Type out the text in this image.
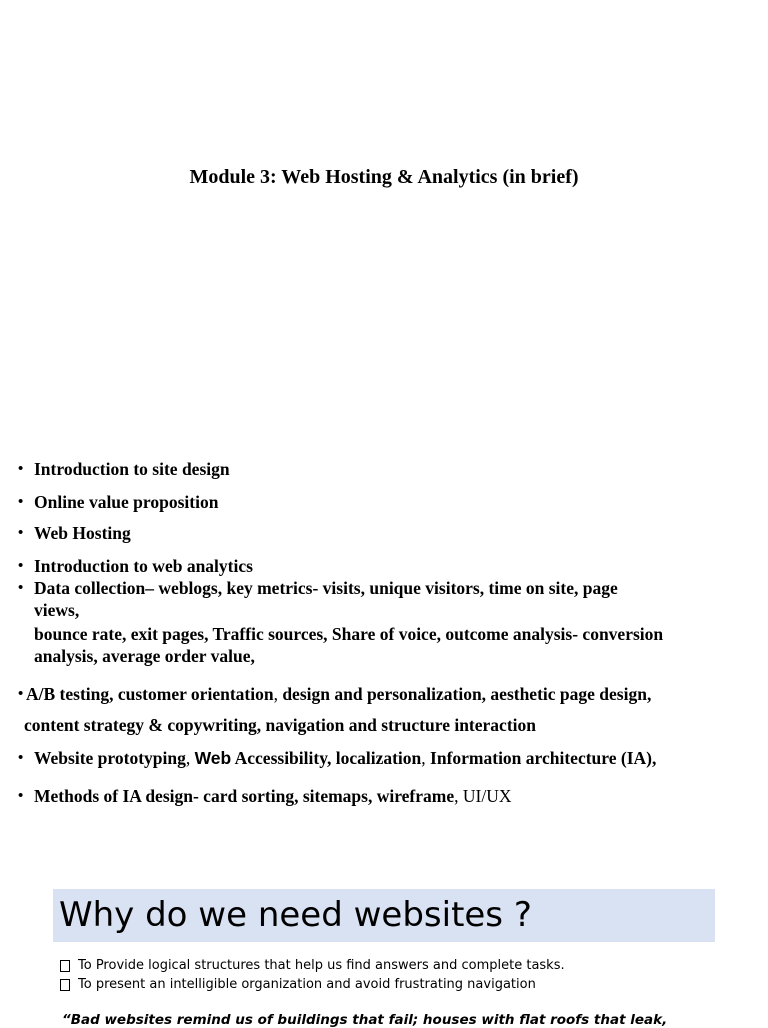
Module 3: Web Hosting & Analytics (in brief)
• Introduction to site design
• Online value proposition
• Web Hosting
• Introduction to web analytics
• Data collection– weblogs, key metrics- visits, unique visitors, time on site, page
views,
bounce rate, exit pages, Traffic sources, Share of voice, outcome analysis- conversion
analysis, average order value,
• A/B testing, customer orientation, design and personalization, aesthetic page design,
content strategy & copywriting, navigation and structure interaction
• Website prototyping, Web Accessibility, localization, Information architecture (IA),
• Methods of IA design- card sorting, sitemaps, wireframe, UI/UX
Why do we need websites ?
To Provide logical structures that help us find answers and complete tasks.
To present an intelligible organization and avoid frustrating navigation
“Bad websites remind us of buildings that fail; houses with flat roofs that leak,
